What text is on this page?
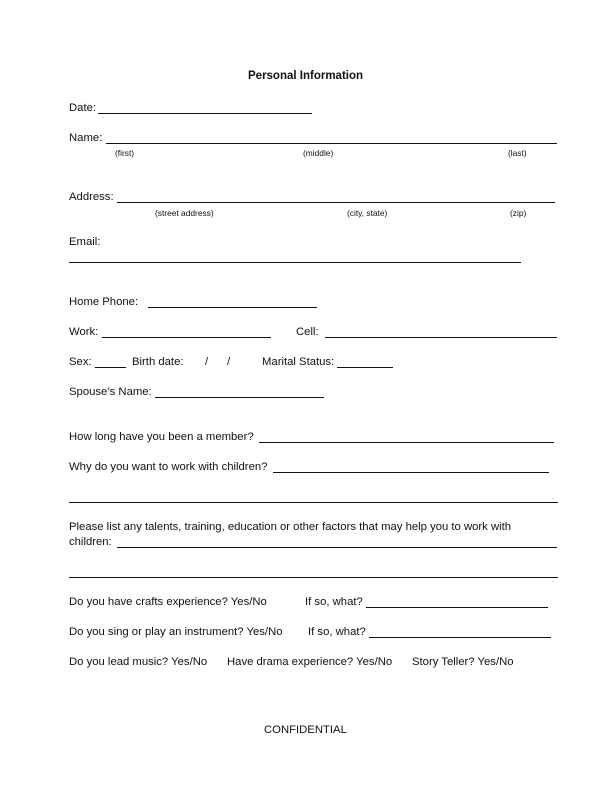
Personal Information
Date:
Name:
(first)	(middle)	(last)
Address:
(street address)	(city, state)	(zip)
Email:
Home Phone:
Work:	Cell:
Sex:	Birth date: / /	Marital Status:
Spouse’s Name:
How long have you been a member?
Why do you want to work with children?
Please list any talents, training, education or other factors that may help you to work with
children:
Do you have crafts experience? Yes/No	If so, what?
Do you sing or play an instrument? Yes/No If so, what?
Do you lead music? Yes/No Have drama experience? Yes/No Story Teller? Yes/No
CONFIDENTIAL
